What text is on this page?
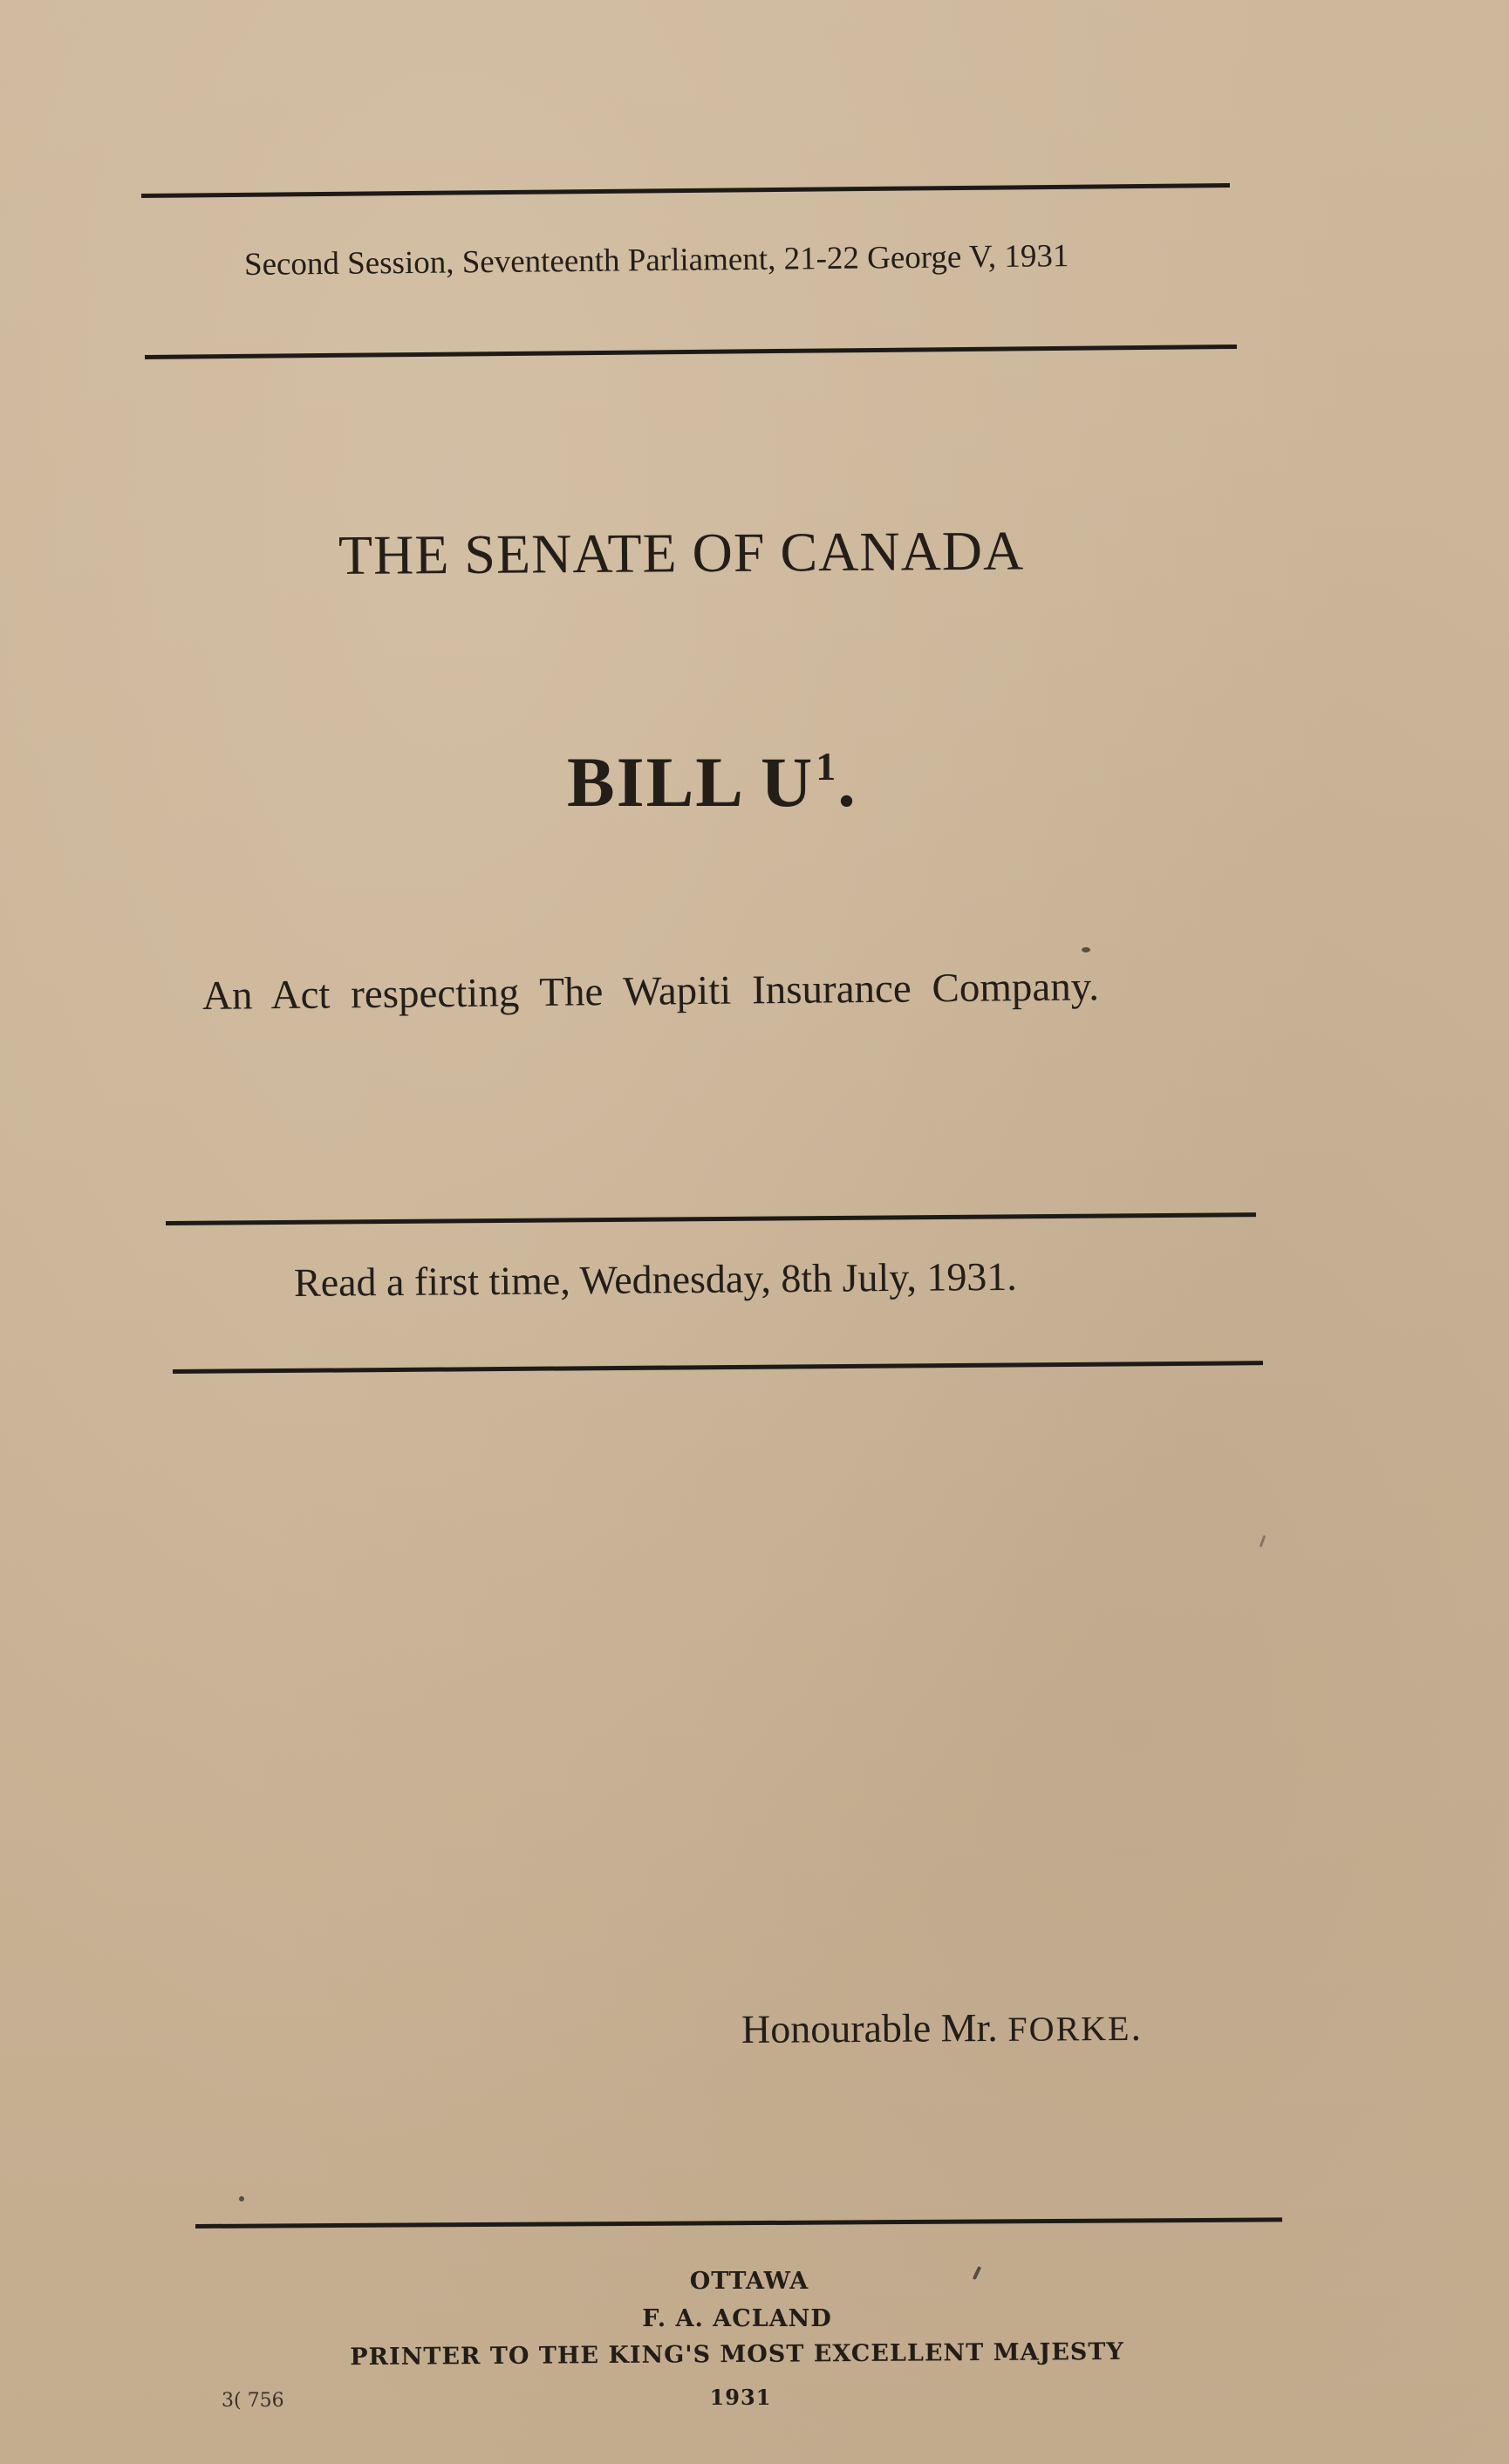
Second Session, Seventeenth Parliament, 21-22 George V, 1931
THE SENATE OF CANADA
BILL $U^1$.
An Act respecting The Wapiti Insurance Company.
Read a first time, Wednesday, 8th July, 1931.
Honourable Mr. FORKE.
OTTAWA
F. A. ACLAND
PRINTER TO THE KING'S MOST EXCELLENT MAJESTY
1931
3( 756
